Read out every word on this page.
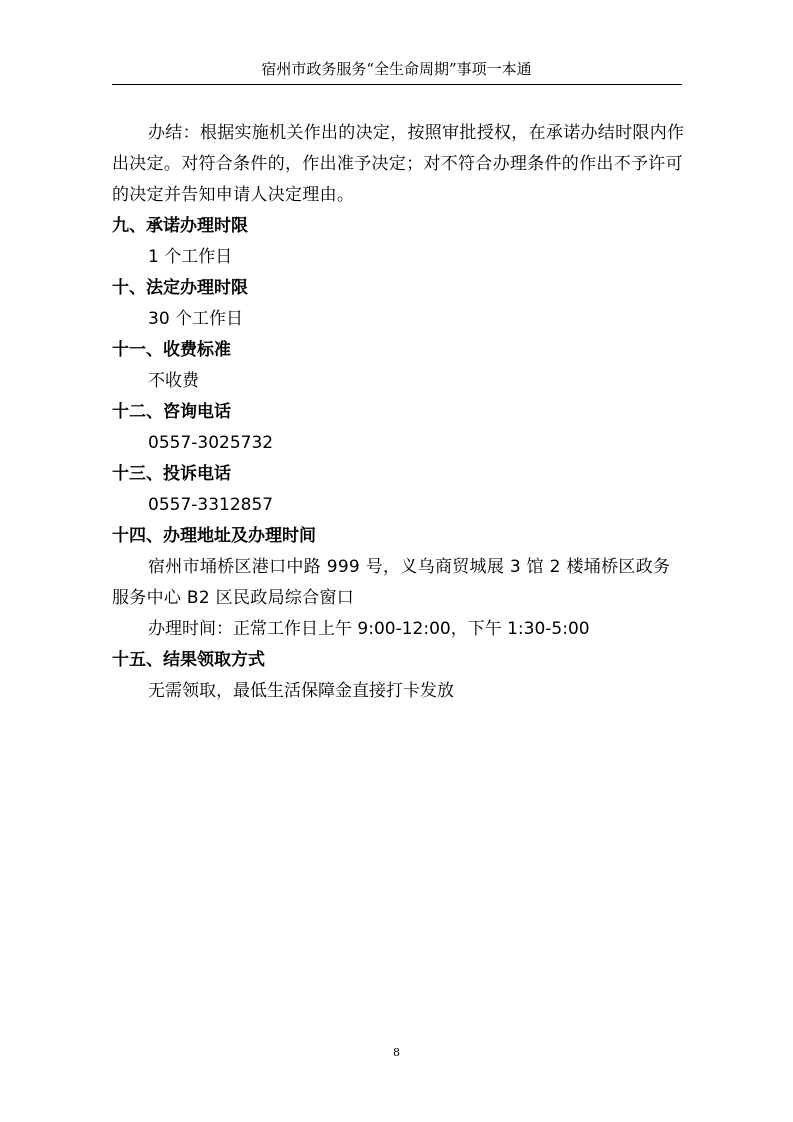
宿州市政务服务“全生命周期”事项一本通

办结：根据实施机关作出的决定，按照审批授权，在承诺办结时限内作出决定。对符合条件的，作出准予决定；对不符合办理条件的作出不予许可的决定并告知申请人决定理由。

九、承诺办理时限

1 个工作日

十、法定办理时限

30 个工作日

十一、收费标准

不收费

十二、咨询电话

0557-3025732

十三、投诉电话

0557-3312857

十四、办理地址及办理时间

宿州市埇桥区港口中路 999 号，义乌商贸城展 3 馆 2 楼埇桥区政务服务中心 B2 区民政局综合窗口

办理时间：正常工作日上午 9:00-12:00，下午 1:30-5:00

十五、结果领取方式

无需领取，最低生活保障金直接打卡发放

8
